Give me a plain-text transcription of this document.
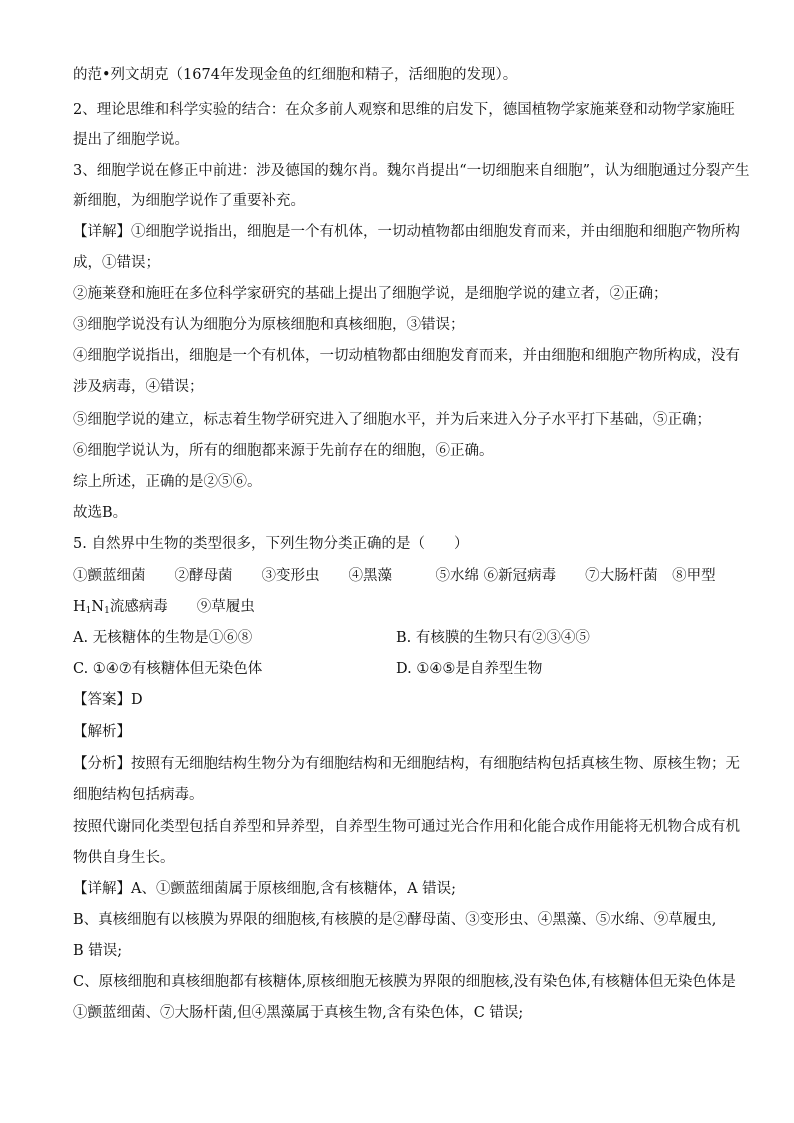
的范•列文胡克（1674年发现金鱼的红细胞和精子，活细胞的发现）。
2、理论思维和科学实验的结合：在众多前人观察和思维的启发下，德国植物学家施莱登和动物学家施旺
提出了细胞学说。
3、细胞学说在修正中前进：涉及德国的魏尔肖。魏尔肖提出“一切细胞来自细胞”，认为细胞通过分裂产生
新细胞，为细胞学说作了重要补充。
【详解】①细胞学说指出，细胞是一个有机体，一切动植物都由细胞发育而来，并由细胞和细胞产物所构
成，①错误；
②施莱登和施旺在多位科学家研究的基础上提出了细胞学说，是细胞学说的建立者，②正确；
③细胞学说没有认为细胞分为原核细胞和真核细胞，③错误；
④细胞学说指出，细胞是一个有机体，一切动植物都由细胞发育而来，并由细胞和细胞产物所构成，没有
涉及病毒，④错误；
⑤细胞学说的建立，标志着生物学研究进入了细胞水平，并为后来进入分子水平打下基础，⑤正确；
⑥细胞学说认为，所有的细胞都来源于先前存在的细胞，⑥正确。
综上所述，正确的是②⑤⑥。
故选B。
5. 自然界中生物的类型很多，下列生物分类正确的是（　　）
①颤蓝细菌　　②酵母菌　　③变形虫　　④黑藻　　　⑤水绵 ⑥新冠病毒　　⑦大肠杆菌　⑧甲型
$H_1N_1$流感病毒　　⑨草履虫
A. 无核糖体的生物是①⑥⑧	B. 有核膜的生物只有②③④⑤
C. ①④⑦有核糖体但无染色体	D. ①④⑤是自养型生物
【答案】D
【解析】
【分析】按照有无细胞结构生物分为有细胞结构和无细胞结构，有细胞结构包括真核生物、原核生物；无
细胞结构包括病毒。
按照代谢同化类型包括自养型和异养型，自养型生物可通过光合作用和化能合成作用能将无机物合成有机
物供自身生长。
【详解】A、①颤蓝细菌属于原核细胞,含有核糖体，A 错误;
B、真核细胞有以核膜为界限的细胞核,有核膜的是②酵母菌、③变形虫、④黑藻、⑤水绵、⑨草履虫,
B 错误;
C、原核细胞和真核细胞都有核糖体,原核细胞无核膜为界限的细胞核,没有染色体,有核糖体但无染色体是
①颤蓝细菌、⑦大肠杆菌,但④黑藻属于真核生物,含有染色体，C 错误;
